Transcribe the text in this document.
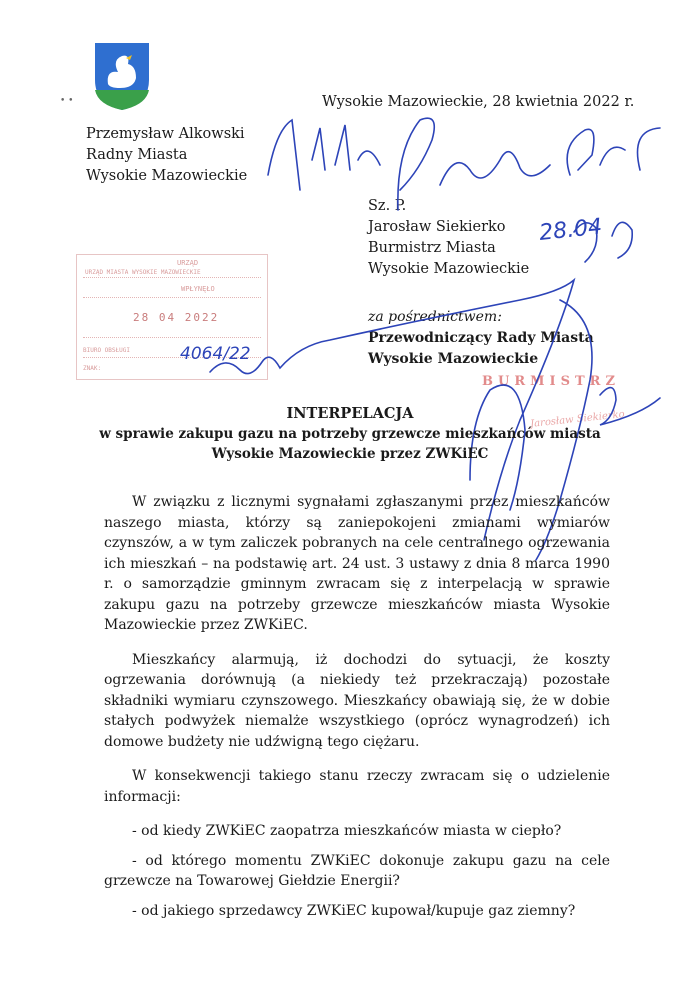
• •	Wysokie Mazowieckie, 28 kwietnia 2022 r.
Przemysław Alkowski
Radny Miasta
Wysokie Mazowieckie
Sz. P.
Jarosław Siekierko
Burmistrz Miasta
Wysokie Mazowieckie
za pośrednictwem:
Przewodniczący Rady Miasta
Wysokie Mazowieckie
URZĄD
URZĄD MIASTA WYSOKIE MAZOWIECKIE
WPŁYNĘŁO
28 04 2022
BIURO OBSŁUGI
ZNAK:
BURMISTRZ
Jarosław Siekierko
4064/22
28.04
INTERPELACJA
w sprawie zakupu gazu na potrzeby grzewcze mieszkańców miasta
Wysokie Mazowieckie przez ZWKiEC

W związku z licznymi sygnałami zgłaszanymi przez mieszkańców naszego miasta, którzy są zaniepokojeni zmianami wymiarów czynszów, a w tym zaliczek pobranych na cele centralnego ogrzewania ich mieszkań – na podstawię art. 24 ust. 3 ustawy z dnia 8 marca 1990 r. o samorządzie gminnym zwracam się z interpelacją w sprawie zakupu gazu na potrzeby grzewcze mieszkańców miasta Wysokie Mazowieckie przez ZWKiEC.

Mieszkańcy alarmują, iż dochodzi do sytuacji, że koszty ogrzewania dorównują (a niekiedy też przekraczają) pozostałe składniki wymiaru czynszowego. Mieszkańcy obawiają się, że w dobie stałych podwyżek niemalże wszystkiego (oprócz wynagrodzeń) ich domowe budżety nie udźwigną tego ciężaru.

W konsekwencji takiego stanu rzeczy zwracam się o udzielenie informacji:

- od kiedy ZWKiEC zaopatrza mieszkańców miasta w ciepło?

- od którego momentu ZWKiEC dokonuje zakupu gazu na cele grzewcze na Towarowej Giełdzie Energii?

- od jakiego sprzedawcy ZWKiEC kupował/kupuje gaz ziemny?
